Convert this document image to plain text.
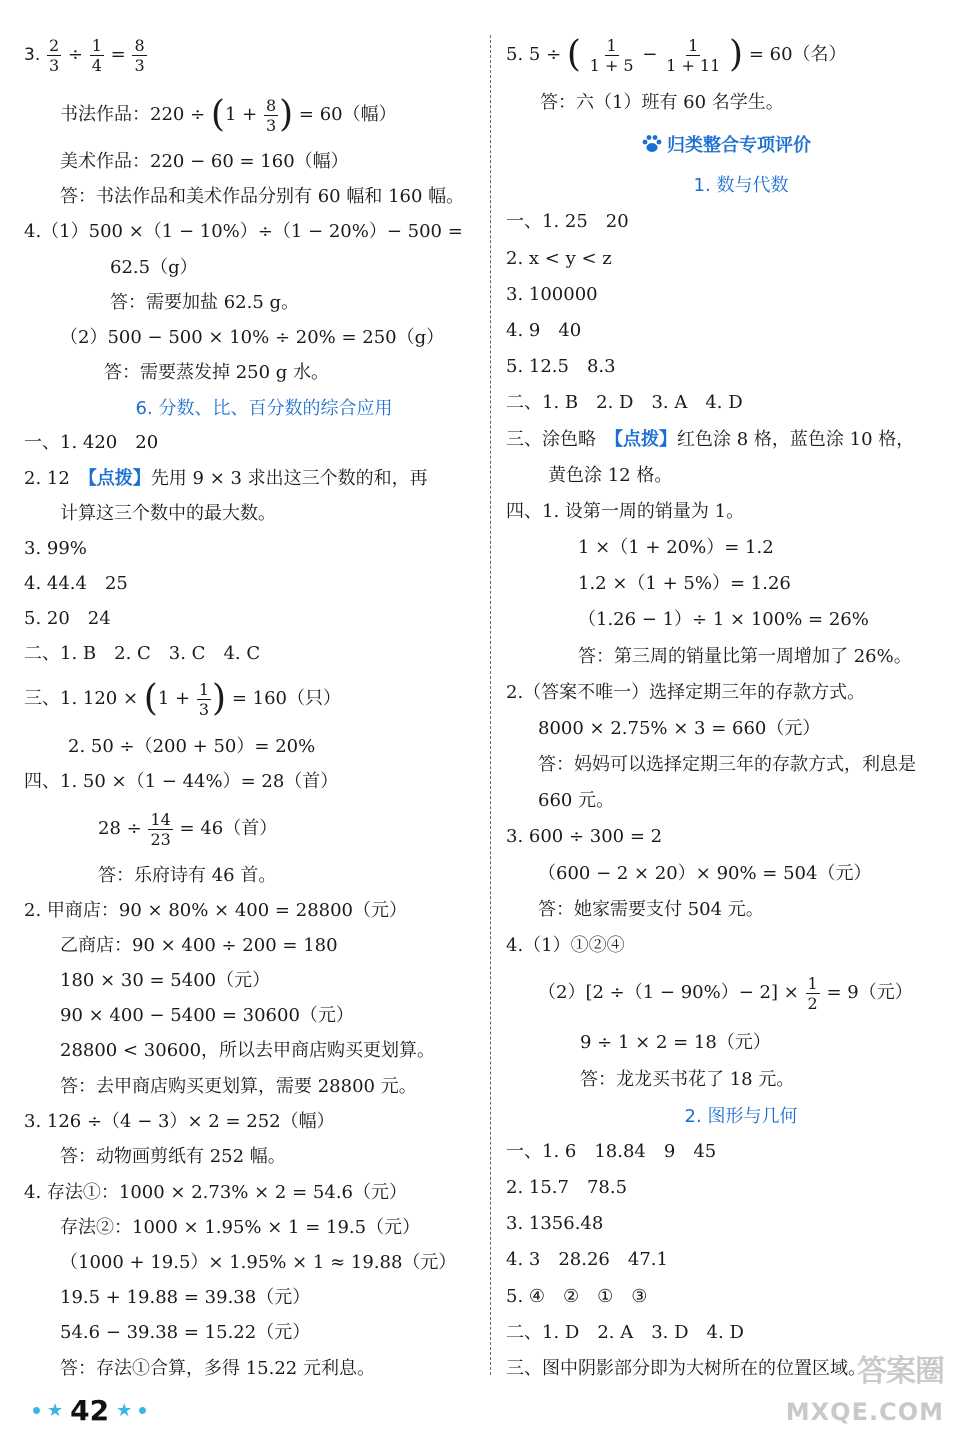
3. $\frac{2}{3} \div \frac{1}{4} = \frac{8}{3}$
书法作品：$220 \div (1 + \frac{8}{3}$ ) = 60（幅）
美术作品：220 − 60 = 160（幅）
答：书法作品和美术作品分别有 60 幅和 160 幅。
4.（1）500 ×（1 − 10%）÷（1 − 20%）− 500 =
62.5（g）
答：需要加盐 62.5 g。
（2）500 − 500 × 10% ÷ 20% = 250（g）
答：需要蒸发掉 250 g 水。
6. 分数、比、百分数的综合应用
一、1. 420　20
2. 12　【点拨】先用 9 × 3 求出这三个数的和，再
计算这三个数中的最大数。
3. 99%
4. 44.4　25
5. 20　24
二、1. B　2. C　3. C　4. C
三、1. $120 \times (1 + \frac{1}{3}$ ) = 160（只）
2. 50 ÷（200 + 50）= 20%
四、1. 50 ×（1 − 44%）= 28（首）
$28 \div \frac{14}{23} = 46$（首）
答：乐府诗有 46 首。
2. 甲商店：90 × 80% × 400 = 28800（元）
乙商店：90 × 400 ÷ 200 = 180
180 × 30 = 5400（元）
90 × 400 − 5400 = 30600（元）
28800 < 30600，所以去甲商店购买更划算。
答：去甲商店购买更划算，需要 28800 元。
3. 126 ÷（4 − 3）× 2 = 252（幅）
答：动物画剪纸有 252 幅。
4. 存法①：1000 × 2.73% × 2 = 54.6（元）
存法②：1000 × 1.95% × 1 = 19.5（元）
（1000 + 19.5）× 1.95% × 1 ≈ 19.88（元）
19.5 + 19.88 = 39.38（元）
54.6 − 39.38 = 15.22（元）
答：存法①合算，多得 15.22 元利息。
5. 5 ÷ ( $\frac{1}{1 + 5} - \frac{1}{1 + 11}$ ) = 60（名）
答：六（1）班有 60 名学生。
归类整合专项评价
1. 数与代数
一、1. 25　20
2. x < y < z
3. 100000
4. 9　40
5. 12.5　8.3
二、1. B　2. D　3. A　4. D
三、涂色略　【点拨】红色涂 8 格，蓝色涂 10 格，
黄色涂 12 格。
四、1. 设第一周的销量为 1。
1 ×（1 + 20%）= 1.2
1.2 ×（1 + 5%）= 1.26
（1.26 − 1）÷ 1 × 100% = 26%
答：第三周的销量比第一周增加了 26%。
2.（答案不唯一）选择定期三年的存款方式。
8000 × 2.75% × 3 = 660（元）
答：妈妈可以选择定期三年的存款方式，利息是
660 元。
3. 600 ÷ 300 = 2
（600 − 2 × 20）× 90% = 504（元）
答：她家需要支付 504 元。
4.（1）①②④
$(2)[2 \div(1 - 90\%)- 2] \times \frac{1}{2} = 9$（元）
9 ÷ 1 × 2 = 18（元）
答：龙龙买书花了 18 元。
2. 图形与几何
一、1. 6　18.84　9　45
2. 15.7　78.5
3. 1356.48
4. 3　28.26　47.1
5. ④　②　①　③
二、1. D　2. A　3. D　4. D
三、图中阴影部分即为大树所在的位置区域。
★ 42 ★
答案圈
MXQE.COM
